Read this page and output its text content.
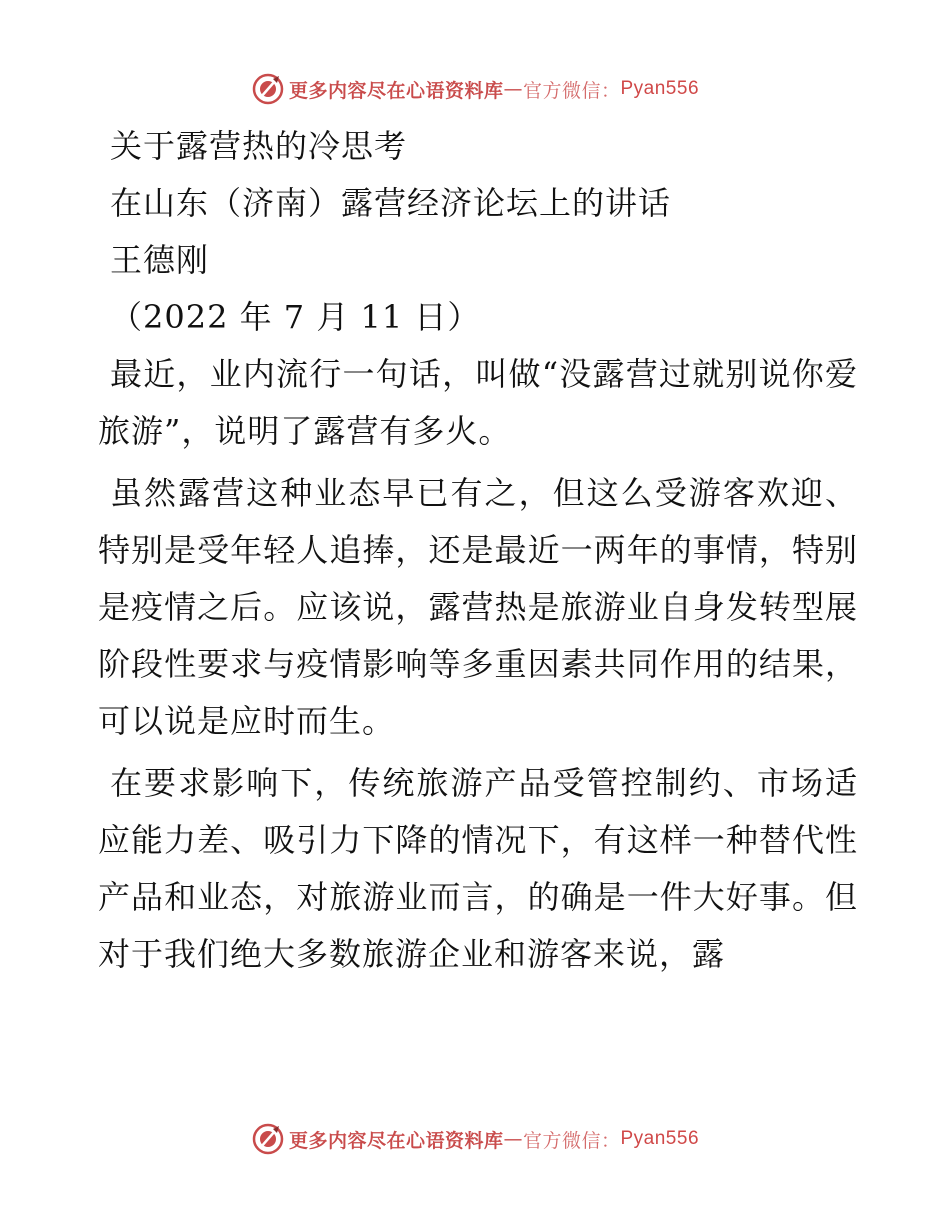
更多内容尽在心语资料库 — 官方微信： Pyan556
关于露营热的冷思考
在山东（济南）露营经济论坛上的讲话
王德刚
（2022 年 7 月 11 日）

最近，业内流行一句话，叫做“没露营过就别说你爱旅游”，说明了露营有多火。

虽然露营这种业态早已有之，但这么受游客欢迎、特别是受年轻人追捧，还是最近一两年的事情，特别是疫情之后。应该说，露营热是旅游业自身发转型展阶段性要求与疫情影响等多重因素共同作用的结果，可以说是应时而生。

在要求影响下，传统旅游产品受管控制约、市场适应能力差、吸引力下降的情况下，有这样一种替代性产品和业态，对旅游业而言，的确是一件大好事。但对于我们绝大多数旅游企业和游客来说，露

更多内容尽在心语资料库 — 官方微信： Pyan556
